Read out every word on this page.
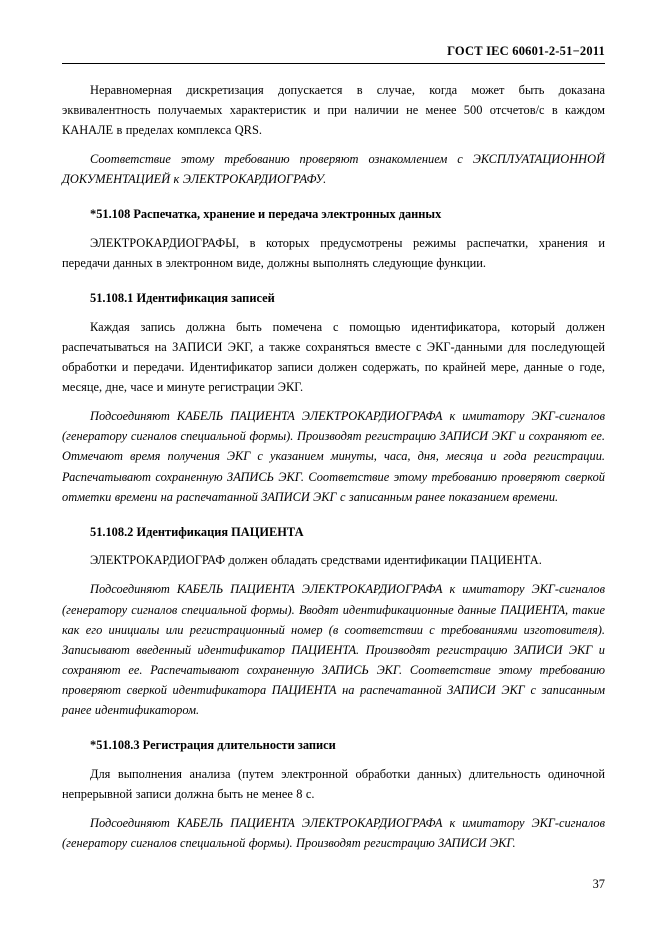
ГОСТ IEC 60601-2-51−2011

Неравномерная дискретизация допускается в случае, когда может быть доказана эквивалентность получаемых характеристик и при наличии не менее 500 отсчетов/с в каждом КАНАЛЕ в пределах комплекса QRS.

Соответствие этому требованию проверяют ознакомлением с ЭКСПЛУАТАЦИОННОЙ ДОКУМЕНТАЦИЕЙ к ЭЛЕКТРОКАРДИОГРАФУ.

*51.108 Распечатка, хранение и передача электронных данных

ЭЛЕКТРОКАРДИОГРАФЫ, в которых предусмотрены режимы распечатки, хранения и передачи данных в электронном виде, должны выполнять следующие функции.

51.108.1 Идентификация записей

Каждая запись должна быть помечена с помощью идентификатора, который должен распечатываться на ЗАПИСИ ЭКГ, а также сохраняться вместе с ЭКГ-данными для последующей обработки и передачи. Идентификатор записи должен содержать, по крайней мере, данные о годе, месяце, дне, часе и минуте регистрации ЭКГ.

Подсоединяют КАБЕЛЬ ПАЦИЕНТА ЭЛЕКТРОКАРДИОГРАФА к имитатору ЭКГ-сигналов (генератору сигналов специальной формы). Производят регистрацию ЗАПИСИ ЭКГ и сохраняют ее. Отмечают время получения ЭКГ с указанием минуты, часа, дня, месяца и года регистрации. Распечатывают сохраненную ЗАПИСЬ ЭКГ. Соответствие этому требованию проверяют сверкой отметки времени на распечатанной ЗАПИСИ ЭКГ с записанным ранее показанием времени.

51.108.2 Идентификация ПАЦИЕНТА

ЭЛЕКТРОКАРДИОГРАФ должен обладать средствами идентификации ПАЦИЕНТА.

Подсоединяют КАБЕЛЬ ПАЦИЕНТА ЭЛЕКТРОКАРДИОГРАФА к имитатору ЭКГ-сигналов (генератору сигналов специальной формы). Вводят идентификационные данные ПАЦИЕНТА, такие как его инициалы или регистрационный номер (в соответствии с требованиями изготовителя). Записывают введенный идентификатор ПАЦИЕНТА. Производят регистрацию ЗАПИСИ ЭКГ и сохраняют ее. Распечатывают сохраненную ЗАПИСЬ ЭКГ. Соответствие этому требованию проверяют сверкой идентификатора ПАЦИЕНТА на распечатанной ЗАПИСИ ЭКГ с записанным ранее идентификатором.

*51.108.3 Регистрация длительности записи

Для выполнения анализа (путем электронной обработки данных) длительность одиночной непрерывной записи должна быть не менее 8 с.

Подсоединяют КАБЕЛЬ ПАЦИЕНТА ЭЛЕКТРОКАРДИОГРАФА к имитатору ЭКГ-сигналов (генератору сигналов специальной формы). Производят регистрацию ЗАПИСИ ЭКГ.

37
